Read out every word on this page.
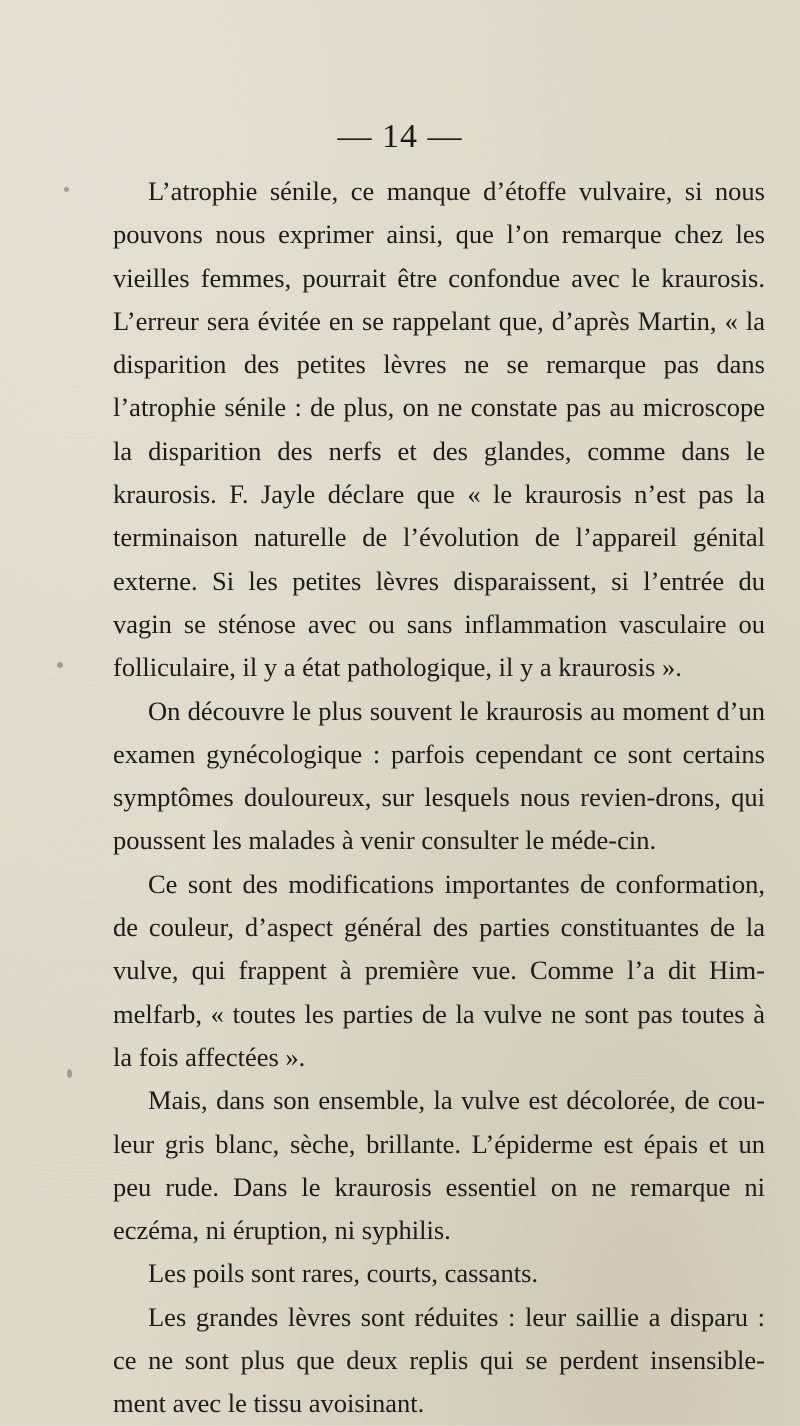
— 14 —

L’atrophie sénile, ce manque d’étoffe vulvaire, si nous pouvons nous exprimer ainsi, que l’on remarque chez les vieilles femmes, pourrait être confondue avec le kraurosis. L’erreur sera évitée en se rappelant que, d’après Martin, « la disparition des petites lèvres ne se remarque pas dans l’atrophie sénile : de plus, on ne constate pas au microscope la disparition des nerfs et des glandes, comme dans le kraurosis. F. Jayle déclare que « le kraurosis n’est pas la terminaison naturelle de l’évolution de l’appareil génital externe. Si les petites lèvres disparaissent, si l’entrée du vagin se sténose avec ou sans inflammation vasculaire ou folliculaire, il y a état pathologique, il y a kraurosis ».

On découvre le plus souvent le kraurosis au moment d’un examen gynécologique : parfois cependant ce sont certains symptômes douloureux, sur lesquels nous revien-drons, qui poussent les malades à venir consulter le méde-cin.

Ce sont des modifications importantes de conformation, de couleur, d’aspect général des parties constituantes de la vulve, qui frappent à première vue. Comme l’a dit Him-melfarb, « toutes les parties de la vulve ne sont pas toutes à la fois affectées ».

Mais, dans son ensemble, la vulve est décolorée, de cou-leur gris blanc, sèche, brillante. L’épiderme est épais et un peu rude. Dans le kraurosis essentiel on ne remarque ni eczéma, ni éruption, ni syphilis.

Les poils sont rares, courts, cassants.

Les grandes lèvres sont réduites : leur saillie a disparu : ce ne sont plus que deux replis qui se perdent insensible-ment avec le tissu avoisinant.
